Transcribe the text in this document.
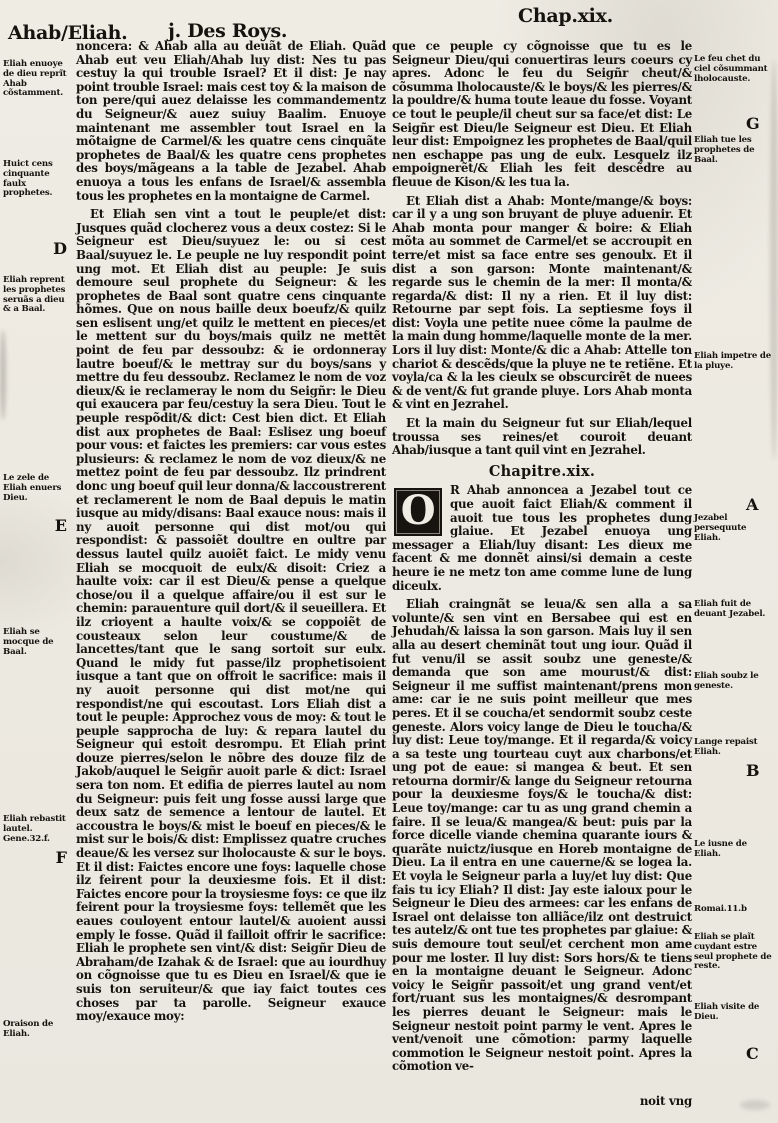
Ahab/Eliah. j. Des Roys.
Chap.xix.
Eliah enuoye de dieu reprĩt Ahab cõstamment.
Huict cens cinquante faulx prophetes.
D
Eliah reprent les prophetes seruãs a dieu & a Baal.
Le zele de Eliah enuers Dieu.
E
Eliah se mocque de Baal.
Eliah rebastit lautel. Gene.32.f.
F
Oraison de Eliah.

noncera: & Ahab alla au deuãt de Eliah. Quãd Ahab eut veu Eliah/Ahab luy dist: Nes tu pas cestuy la qui trouble Israel? Et il dist: Je nay point trouble Israel: mais cest toy & la maison de ton pere/qui auez delaisse les commandementz du Seigneur/& auez suiuy Baalim. Enuoye maintenant me assembler tout Israel en la mõtaigne de Carmel/& les quatre cens cinquãte prophetes de Baal/& les quatre cens prophetes des boys/mãgeans a la table de Jezabel. Ahab enuoya a tous les enfans de Israel/& assembla tous les prophetes en la montaigne de Carmel.

Et Eliah sen vint a tout le peuple/et dist: Jusques quãd clocherez vous a deux costez: Si le Seigneur est Dieu/suyuez le: ou si cest Baal/suyuez le. Le peuple ne luy respondit point ung mot. Et Eliah dist au peuple: Je suis demoure seul prophete du Seigneur: & les prophetes de Baal sont quatre cens cinquante hõmes. Que on nous baille deux boeufz/& quilz sen eslisent ung/et quilz le mettent en pieces/et le mettent sur du boys/mais quilz ne mettẽt point de feu par dessoubz: & ie ordonneray lautre boeuf/& le mettray sur du boys/sans y mettre du feu dessoubz. Reclamez le nom de voz dieux/& ie reclameray le nom du Seigñr: le Dieu qui exaucera par feu/cestuy la sera Dieu. Tout le peuple respõdit/& dict: Cest bien dict. Et Eliah dist aux prophetes de Baal: Eslisez ung boeuf pour vous: et faictes les premiers: car vous estes plusieurs: & reclamez le nom de voz dieux/& ne mettez point de feu par dessoubz. Ilz prindrent donc ung boeuf quil leur donna/& laccoustrerent et reclamerent le nom de Baal depuis le matin iusque au midy/disans: Baal exauce nous: mais il ny auoit personne qui dist mot/ou qui respondist: & passoiẽt doultre en oultre par dessus lautel quilz auoiẽt faict. Le midy venu Eliah se mocquoit de eulx/& disoit: Criez a haulte voix: car il est Dieu/& pense a quelque chose/ou il a quelque affaire/ou il est sur le chemin: parauenture quil dort/& il seueillera. Et ilz crioyent a haulte voix/& se coppoiẽt de cousteaux selon leur coustume/& de lancettes/tant que le sang sortoit sur eulx. Quand le midy fut passe/ilz prophetisoient iusque a tant que on offroit le sacrifice: mais il ny auoit personne qui dist mot/ne qui respondist/ne qui escoutast. Lors Eliah dist a tout le peuple: Approchez vous de moy: & tout le peuple sapprocha de luy: & repara lautel du Seigneur qui estoit desrompu. Et Eliah print douze pierres/selon le nõbre des douze filz de Jakob/auquel le Seigñr auoit parle & dict: Israel sera ton nom. Et edifia de pierres lautel au nom du Seigneur: puis feit ung fosse aussi large que deux satz de semence a lentour de lautel. Et accoustra le boys/& mist le boeuf en pieces/& le mist sur le bois/& dist: Emplissez quatre cruches deaue/& les versez sur lholocauste & sur le boys. Et il dist: Faictes encore une foys: laquelle chose ilz feirent pour la deuxiesme fois. Et il dist: Faictes encore pour la troysiesme foys: ce que ilz feirent pour la troysiesme foys: tellemẽt que les eaues couloyent entour lautel/& auoient aussi emply le fosse. Quãd il failloit offrir le sacrifice: Eliah le prophete sen vint/& dist: Seigñr Dieu de Abraham/de Izahak & de Israel: que au iourdhuy on cõgnoisse que tu es Dieu en Israel/& que ie suis ton seruiteur/& que iay faict toutes ces choses par ta parolle. Seigneur exauce moy/exauce moy:

que ce peuple cy cõgnoisse que tu es le Seigneur Dieu/qui conuertiras leurs coeurs cy apres. Adonc le feu du Seigñr cheut/& cõsumma lholocauste/& le boys/& les pierres/& la pouldre/& huma toute leaue du fosse. Voyant ce tout le peuple/il cheut sur sa face/et dist: Le Seigñr est Dieu/le Seigneur est Dieu. Et Eliah leur dist: Empoignez les prophetes de Baal/quil nen eschappe pas ung de eulx. Lesquelz ilz empoignerẽt/& Eliah les feit descẽdre au fleuue de Kison/& les tua la.

Et Eliah dist a Ahab: Monte/mange/& boys: car il y a ung son bruyant de pluye aduenir. Et Ahab monta pour manger & boire: & Eliah mõta au sommet de Carmel/et se accroupit en terre/et mist sa face entre ses genoulx. Et il dist a son garson: Monte maintenant/& regarde sus le chemin de la mer: Il monta/& regarda/& dist: Il ny a rien. Et il luy dist: Retourne par sept fois. La septiesme foys il dist: Voyla une petite nuee cõme la paulme de la main dung homme/laquelle monte de la mer. Lors il luy dist: Monte/& dic a Ahab: Attelle ton chariot & descẽds/que la pluye ne te retiẽne. Et voyla/ca & la les cieulx se obscurcirẽt de nuees & de vent/& fut grande pluye. Lors Ahab monta & vint en Jezrahel.

Et la main du Seigneur fut sur Eliah/lequel troussa ses reines/et couroit deuant Ahab/iusque a tant quil vint en Jezrahel.

Chapitre.xix.

O	R Ahab annoncea a Jezabel tout ce que auoit faict Eliah/& comment il auoit tue tous les prophetes dung glaiue. Et Jezabel enuoya ung messager a Eliah/luy disant: Les dieux me facent & me donnẽt ainsi/si demain a ceste heure ie ne metz ton ame comme lune de lung diceulx.

Eliah craingnãt se leua/& sen alla a sa volunte/& sen vint en Bersabee qui est en Jehudah/& laissa la son garson. Mais luy il sen alla au desert cheminãt tout ung iour. Quãd il fut venu/il se assit soubz une geneste/& demanda que son ame mourust/& dist: Seigneur il me suffist maintenant/prens mon ame: car ie ne suis point meilleur que mes peres. Et il se coucha/et sendormit soubz ceste geneste. Alors voicy lange de Dieu le toucha/& luy dist: Leue toy/mange. Et il regarda/& voicy a sa teste ung tourteau cuyt aux charbons/et ung pot de eaue: si mangea & beut. Et sen retourna dormir/& lange du Seigneur retourna pour la deuxiesme foys/& le toucha/& dist: Leue toy/mange: car tu as ung grand chemin a faire. Il se leua/& mangea/& beut: puis par la force dicelle viande chemina quarante iours & quarãte nuictz/iusque en Horeb montaigne de Dieu. La il entra en une cauerne/& se logea la. Et voyla le Seigneur parla a luy/et luy dist: Que fais tu icy Eliah? Il dist: Jay este ialoux pour le Seigneur le Dieu des armees: car les enfans de Israel ont delaisse ton alliãce/ilz ont destruict tes autelz/& ont tue tes prophetes par glaiue: & suis demoure tout seul/et cerchent mon ame pour me loster. Il luy dist: Sors hors/& te tiens en la montaigne deuant le Seigneur. Adonc voicy le Seigñr passoit/et ung grand vent/et fort/ruant sus les montaignes/& desrompant les pierres deuant le Seigneur: mais le Seigneur nestoit point parmy le vent. Apres le vent/venoit une cõmotion: parmy laquelle commotion le Seigneur nestoit point. Apres la cõmotion ve-

Le feu chet du ciel cõsummant lholocauste.
G
Eliah tue les prophetes de Baal.
Eliah impetre de la pluye.
A
Jezabel persequute Eliah.
Eliah fuit de deuant Jezabel.
Eliah soubz le geneste.
Lange repaist Eliah.
B
Le iusne de Eliah.
Romai.11.b
Eliah se plaĩt cuydant estre seul prophete de reste.
Eliah visite de Dieu.
C
noit vng
